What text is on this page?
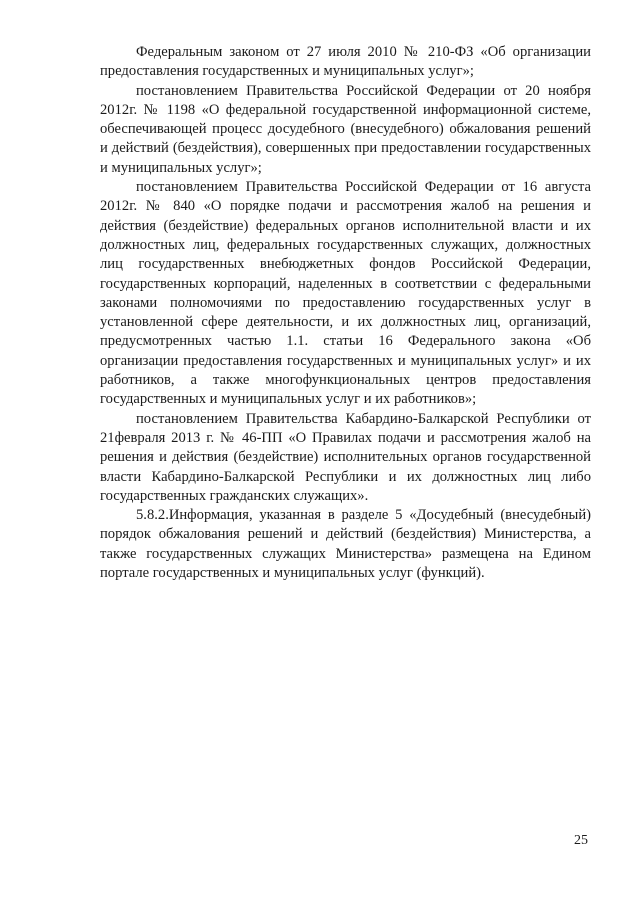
Федеральным законом от 27 июля 2010 № 210-ФЗ «Об организации предоставления государственных и муниципальных услуг»;

постановлением Правительства Российской Федерации от 20 ноября 2012г. № 1198 «О федеральной государственной информационной системе, обеспечивающей процесс досудебного (внесудебного) обжалования решений и действий (бездействия), совершенных при предоставлении государственных и муниципальных услуг»;

постановлением Правительства Российской Федерации от 16 августа 2012г. № 840 «О порядке подачи и рассмотрения жалоб на решения и действия (бездействие) федеральных органов исполнительной власти и их должностных лиц, федеральных государственных служащих, должностных лиц государственных внебюджетных фондов Российской Федерации, государственных корпораций, наделенных в соответствии с федеральными законами полномочиями по предоставлению государственных услуг в установленной сфере деятельности, и их должностных лиц, организаций, предусмотренных частью 1.1. статьи 16 Федерального закона «Об организации предоставления государственных и муниципальных услуг» и их работников, а также многофункциональных центров предоставления государственных и муниципальных услуг и их работников»;

постановлением Правительства Кабардино-Балкарской Республики от 21февраля 2013 г. № 46-ПП «О Правилах подачи и рассмотрения жалоб на решения и действия (бездействие) исполнительных органов государственной власти Кабардино-Балкарской Республики и их должностных лиц либо государственных гражданских служащих».

5.8.2.Информация, указанная в разделе 5 «Досудебный (внесудебный) порядок обжалования решений и действий (бездействия) Министерства, а также государственных служащих Министерства» размещена на Едином портале государственных и муниципальных услуг (функций).

25
